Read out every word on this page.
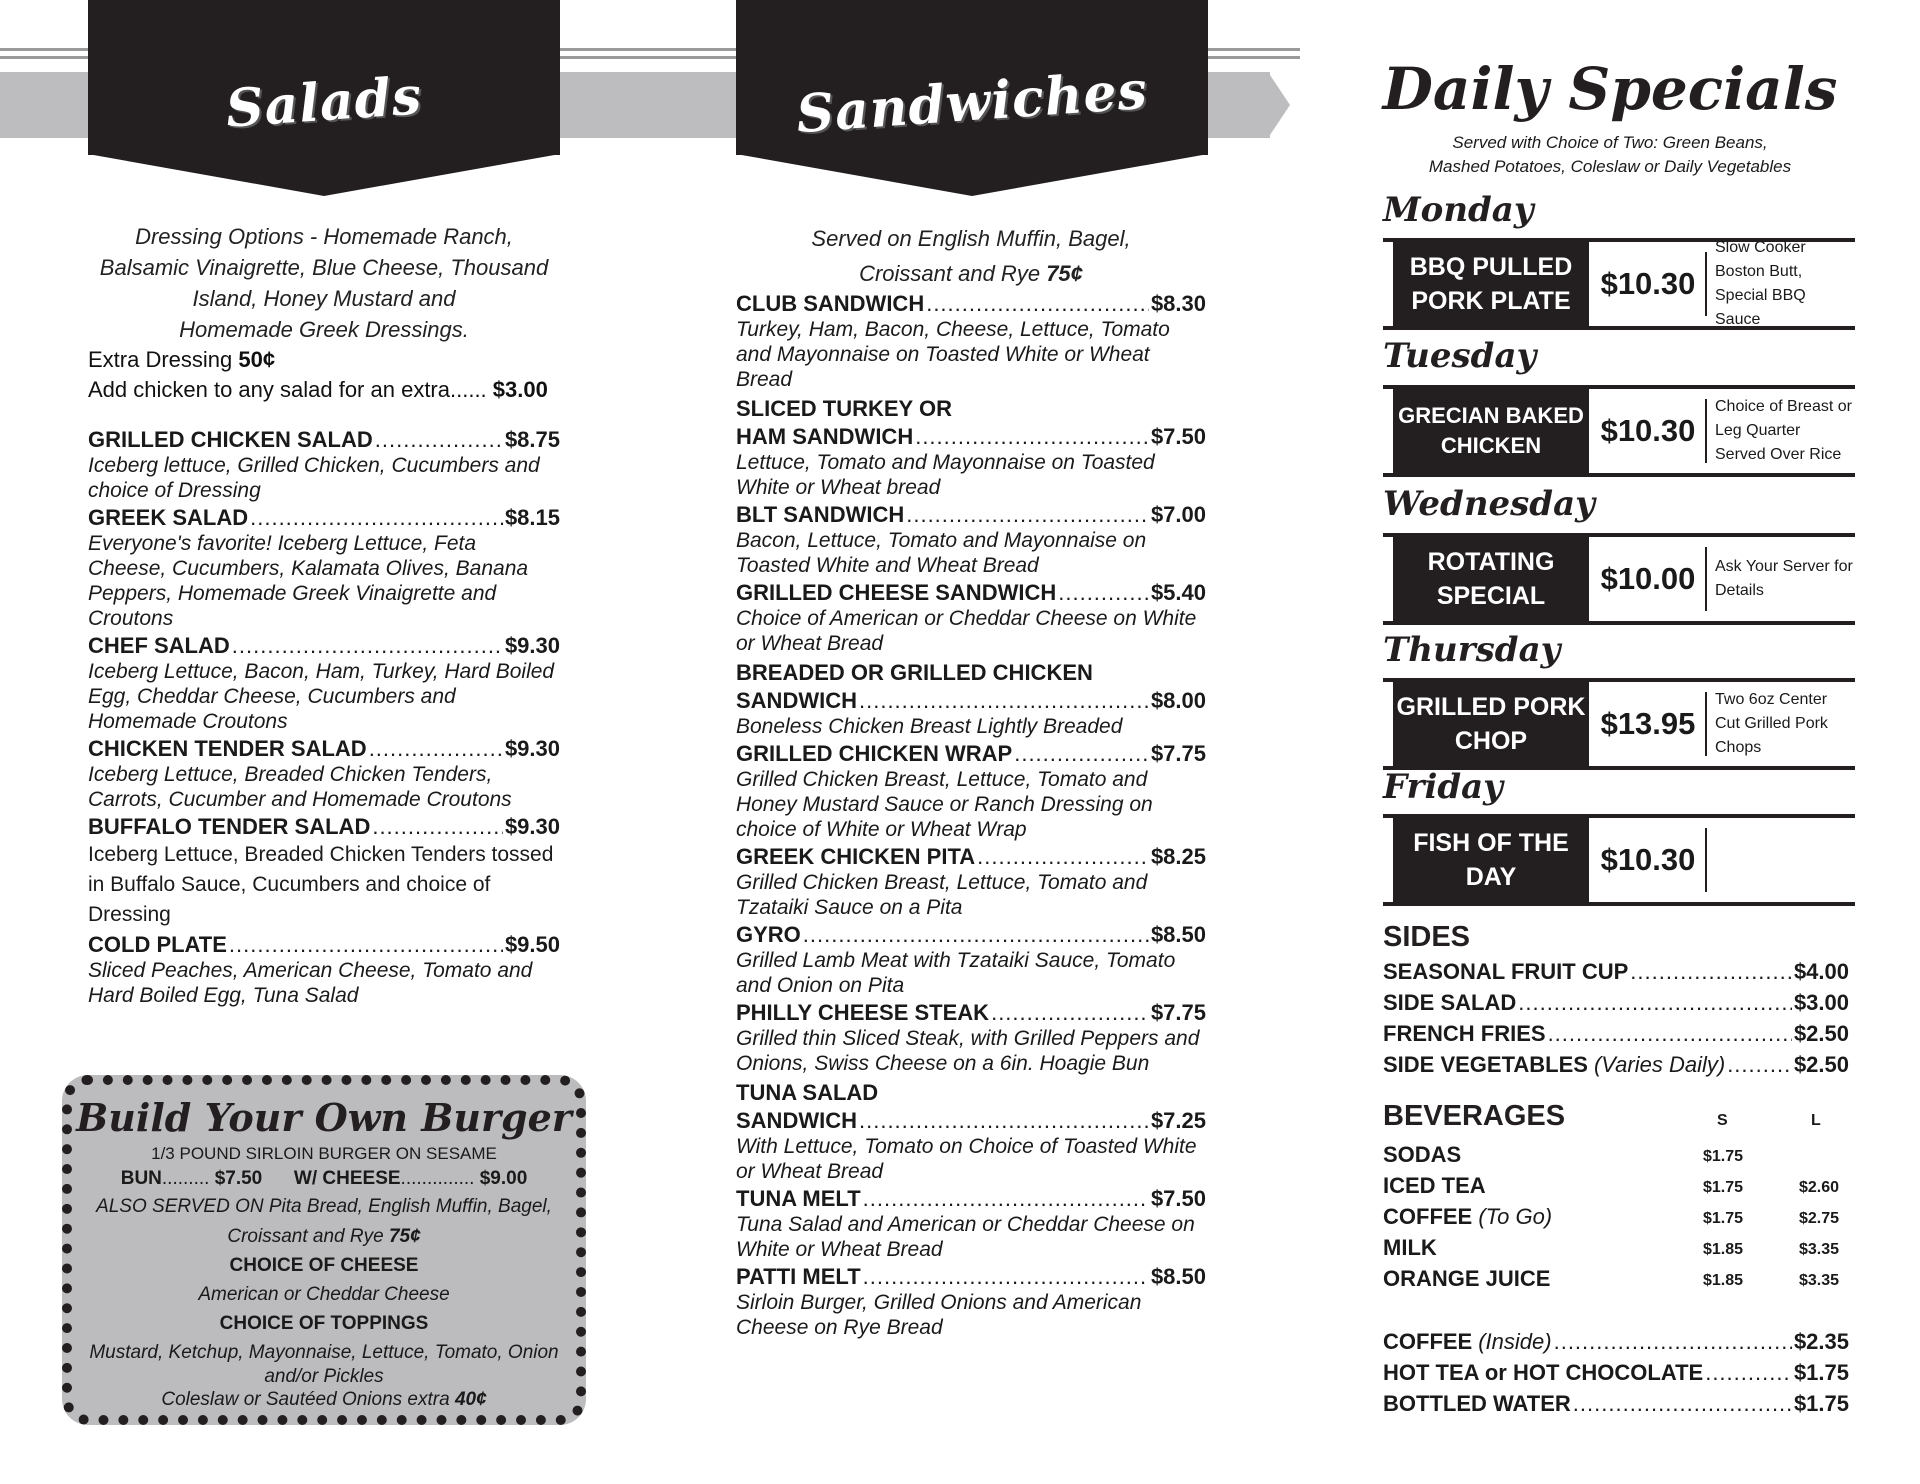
Salads	Sandwiches
Dressing Options - Homemade Ranch,
Balsamic Vinaigrette, Blue Cheese, Thousand
Island, Honey Mustard and
Homemade Greek Dressings.
Extra Dressing 50¢
Add chicken to any salad for an extra...... $3.00
GRILLED CHICKEN SALAD .....	$8.75
Iceberg lettuce, Grilled Chicken, Cucumbers and choice of Dressing
GREEK SALAD .....	$8.15
Everyone's favorite! Iceberg Lettuce, Feta Cheese, Cucumbers, Kalamata Olives, Banana Peppers, Homemade Greek Vinaigrette and Croutons
CHEF SALAD .....	$9.30
Iceberg Lettuce, Bacon, Ham, Turkey, Hard Boiled Egg, Cheddar Cheese, Cucumbers and Homemade Croutons
CHICKEN TENDER SALAD .....	$9.30
Iceberg Lettuce, Breaded Chicken Tenders, Carrots, Cucumber and Homemade Croutons
BUFFALO TENDER SALAD .....	$9.30
Iceberg Lettuce, Breaded Chicken Tenders tossed in Buffalo Sauce, Cucumbers and choice of Dressing
COLD PLATE .....	$9.50
Sliced Peaches, American Cheese, Tomato and Hard Boiled Egg, Tuna Salad
Build Your Own Burger
1/3 POUND SIRLOIN BURGER ON SESAME
BUN......... $7.50 W/ CHEESE.............. $9.00
ALSO SERVED ON Pita Bread, English Muffin, Bagel,
Croissant and Rye 75¢
CHOICE OF CHEESE
American or Cheddar Cheese
CHOICE OF TOPPINGS
Mustard, Ketchup, Mayonnaise, Lettuce, Tomato, Onion and/or Pickles
Coleslaw or Sautéed Onions extra 40¢
Served on English Muffin, Bagel,
Croissant and Rye 75¢
CLUB SANDWICH .....	$8.30
Turkey, Ham, Bacon, Cheese, Lettuce, Tomato and Mayonnaise on Toasted White or Wheat Bread
SLICED TURKEY OR
HAM SANDWICH .....	$7.50
Lettuce, Tomato and Mayonnaise on Toasted White or Wheat bread
BLT SANDWICH .....	$7.00
Bacon, Lettuce, Tomato and Mayonnaise on Toasted White and Wheat Bread
GRILLED CHEESE SANDWICH .....	$5.40
Choice of American or Cheddar Cheese on White or Wheat Bread
BREADED OR GRILLED CHICKEN
SANDWICH .....	$8.00
Boneless Chicken Breast Lightly Breaded
GRILLED CHICKEN WRAP .....	$7.75
Grilled Chicken Breast, Lettuce, Tomato and Honey Mustard Sauce or Ranch Dressing on choice of White or Wheat Wrap
GREEK CHICKEN PITA .....	$8.25
Grilled Chicken Breast, Lettuce, Tomato and Tzataiki Sauce on a Pita
GYRO .....	$8.50
Grilled Lamb Meat with Tzataiki Sauce, Tomato and Onion on Pita
PHILLY CHEESE STEAK .....	$7.75
Grilled thin Sliced Steak, with Grilled Peppers and Onions, Swiss Cheese on a 6in. Hoagie Bun
TUNA SALAD
SANDWICH .....	$7.25
With Lettuce, Tomato on Choice of Toasted White or Wheat Bread
TUNA MELT .....	$7.50
Tuna Salad and American or Cheddar Cheese on White or Wheat Bread
PATTI MELT .....	$8.50
Sirloin Burger, Grilled Onions and American Cheese on Rye Bread
Daily Specials
Served with Choice of Two: Green Beans,
Mashed Potatoes, Coleslaw or Daily Vegetables
Monday
BBQ PULLED PORK PLATE $10.30
Slow Cooker Boston Butt, Special BBQ Sauce
Tuesday
GRECIAN BAKED CHICKEN	$10.30
Choice of Breast or Leg Quarter Served Over Rice
Wednesday
ROTATING SPECIAL	$10.00	Ask Your Server for Details
Thursday
GRILLED PORK CHOP	$13.95
Two 6oz Center Cut Grilled Pork Chops
Friday
FISH OF THE DAY	$10.30
SIDES
SEASONAL FRUIT CUP .....	$4.00
SIDE SALAD .....	$3.00
FRENCH FRIES .....	$2.50
SIDE VEGETABLES (Varies Daily) .....	$2.50
BEVERAGES	S	L
SODAS	$1.75
ICED TEA	$1.75	$2.60
COFFEE (To Go)	$1.75	$2.75
MILK	$1.85	$3.35
ORANGE JUICE	$1.85	$3.35
COFFEE (Inside) .....	$2.35
HOT TEA or HOT CHOCOLATE .....	$1.75
BOTTLED WATER .....	$1.75
